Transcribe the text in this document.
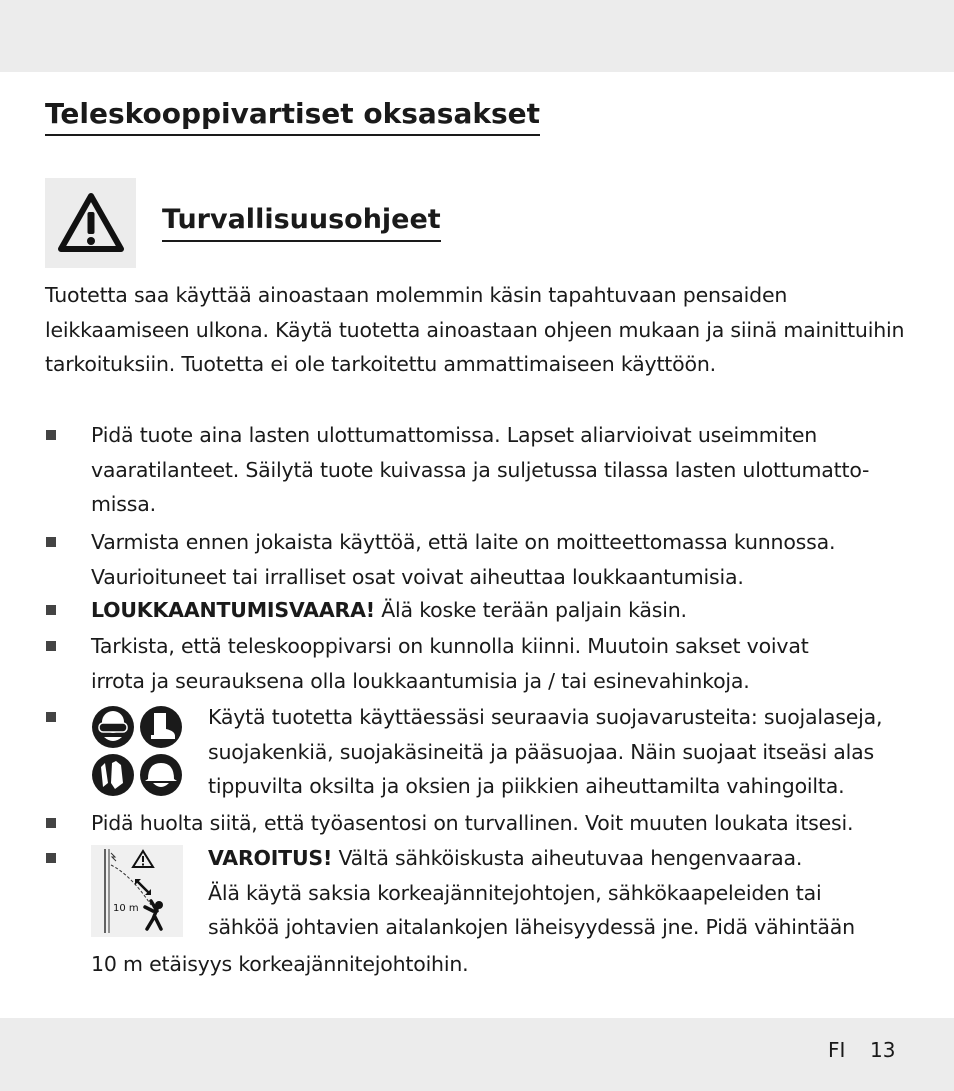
Teleskooppivartiset oksasakset
Turvallisuusohjeet

Tuotetta saa käyttää ainoastaan molemmin käsin tapahtuvaan pensaiden leikkaamiseen ulkona. Käytä tuotetta ainoastaan ohjeen mukaan ja siinä mainittuihin tarkoituksiin. Tuotetta ei ole tarkoitettu ammattimaiseen käyttöön.

Pidä tuote aina lasten ulottumattomissa. Lapset aliarvioivat useimmiten
vaaratilanteet. Säilytä tuote kuivassa ja suljetussa tilassa lasten ulottumatto-
missa.
Varmista ennen jokaista käyttöä, että laite on moitteettomassa kunnossa.
Vaurioituneet tai irralliset osat voivat aiheuttaa loukkaantumisia.
LOUKKAANTUMISVAARA! Älä koske terään paljain käsin.
Tarkista, että teleskooppivarsi on kunnolla kiinni. Muutoin sakset voivat
irrota ja seurauksena olla loukkaantumisia ja / tai esinevahinkoja.
Käytä tuotetta käyttäessäsi seuraavia suojavarusteita: suojalaseja,
suojakenkiä, suojakäsineitä ja pääsuojaa. Näin suojaat itseäsi alas
tippuvilta oksilta ja oksien ja piikkien aiheuttamilta vahingoilta.
Pidä huolta siitä, että työasentosi on turvallinen. Voit muuten loukata itsesi.
10 m
VAROITUS! Vältä sähköiskusta aiheutuvaa hengenvaaraa.
Älä käytä saksia korkeajännitejohtojen, sähkökaapeleiden tai
sähköä johtavien aitalankojen läheisyydessä jne. Pidä vähintään
10 m etäisyys korkeajännitejohtoihin.
FI 13
